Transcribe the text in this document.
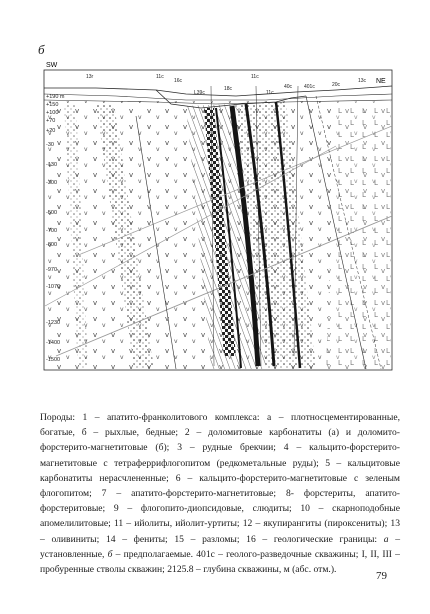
б
SW
NE
+190 m
+150
+100
+70
+20
-30
-130
-300
-500
-700
-800
-970
-1070
-1230
-1400
-1500
13г
16с
L39с
18с
11с
40с 401с
11с
11с
20с
13с
Породы: 1 – апатито-франколитового комплекса: а – плотносцементированные, богатые, б – рыхлые, бедные; 2 – доломитовые карбонатиты (а) и доломито-форстерито-магнетитовые (б); 3 – рудные брекчии; 4 – кальцито-форстерито-магнетитовые с тетраферрифлогопитом (редкометальные руды); 5 – кальцитовые карбонатиты нерасчлененные; 6 – кальцито-форстерито-магнетитовые с зеленым флогопитом; 7 – апатито-форстерито-магнетитовые; 8- форстериты, апатито-форстеритовые; 9 – флогопито-диопсидовые, слюдиты; 10 – скарноподобные апомелилитовые; 11 – ийолиты, ийолит-уртиты; 12 – якупирангиты (пироксениты); 13 – оливиниты; 14 – фениты; 15 – разломы; 16 – геологические границы: а – установленные, б – предполагаемые. 401с – геолого-разведочные скважины; I, II, III – пробуренные стволы скважин; 2125.8 – глубина скважины, м (абс. отм.).
79
